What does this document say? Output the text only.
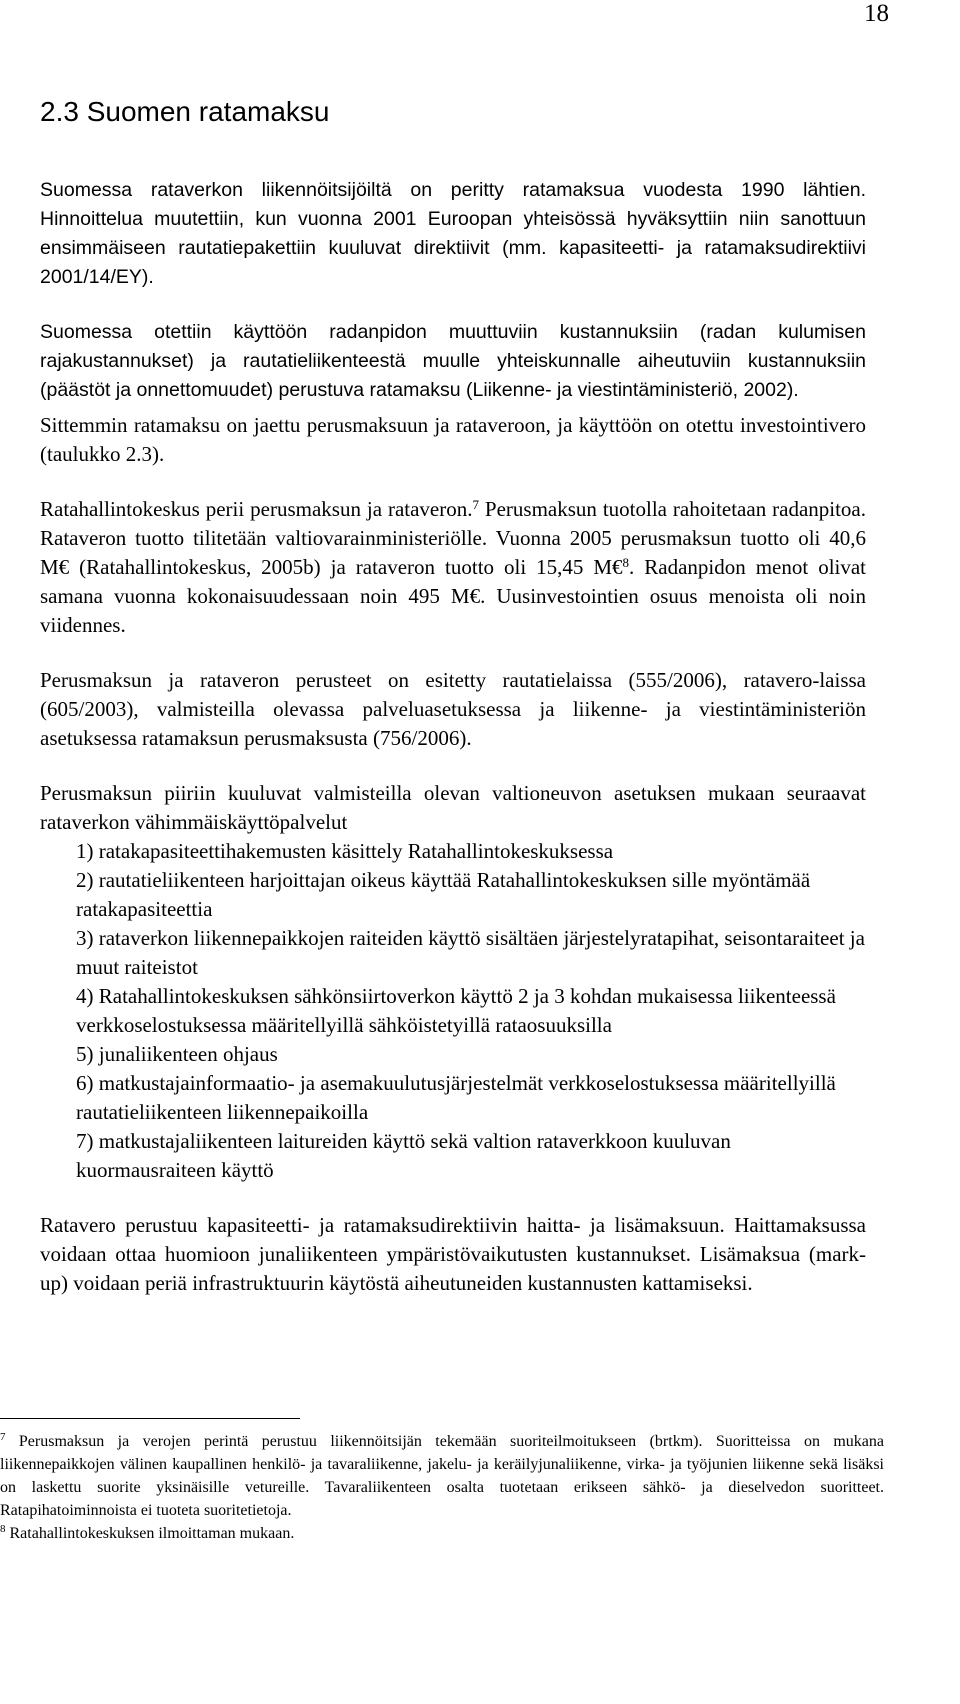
18
2.3 Suomen ratamaksu

Suomessa rataverkon liikennöitsijöiltä on peritty ratamaksua vuodesta 1990 lähtien. Hinnoittelua muutettiin, kun vuonna 2001 Euroopan yhteisössä hyväksyttiin niin sanottuun ensimmäiseen rautatiepakettiin kuuluvat direktiivit (mm. kapasiteetti- ja ratamaksudirektiivi 2001/14/EY).

Suomessa otettiin käyttöön radanpidon muuttuviin kustannuksiin (radan kulumisen rajakustannukset) ja rautatieliikenteestä muulle yhteiskunnalle aiheutuviin kustannuksiin (päästöt ja onnettomuudet) perustuva ratamaksu (Liikenne- ja viestintäministeriö, 2002).

Sittemmin ratamaksu on jaettu perusmaksuun ja rataveroon, ja käyttöön on otettu investointivero (taulukko 2.3).

Ratahallintokeskus perii perusmaksun ja rataveron.$^7$ Perusmaksun tuotolla rahoitetaan radanpitoa. Rataveron tuotto tilitetään valtiovarainministeriölle. Vuonna 2005 perusmaksun tuotto oli 40,6 M€ (Ratahallintokeskus, 2005b) ja rataveron tuotto oli 15,45 M€$^8$. Radanpidon menot olivat samana vuonna kokonaisuudessaan noin 495 M€. Uusinvestointien osuus menoista oli noin viidennes.

Perusmaksun ja rataveron perusteet on esitetty rautatielaissa (555/2006), ratavero-laissa (605/2003), valmisteilla olevassa palveluasetuksessa ja liikenne- ja viestintäministeriön asetuksessa ratamaksun perusmaksusta (756/2006).

Perusmaksun piiriin kuuluvat valmisteilla olevan valtioneuvon asetuksen mukaan seuraavat rataverkon vähimmäiskäyttöpalvelut

1) ratakapasiteettihakemusten käsittely Ratahallintokeskuksessa
2) rautatieliikenteen harjoittajan oikeus käyttää Ratahallintokeskuksen sille myöntämää ratakapasiteettia
3) rataverkon liikennepaikkojen raiteiden käyttö sisältäen järjestelyratapihat, seisontaraiteet ja muut raiteistot
4) Ratahallintokeskuksen sähkönsiirtoverkon käyttö 2 ja 3 kohdan mukaisessa liikenteessä verkkoselostuksessa määritellyillä sähköistetyillä rataosuuksilla
5) junaliikenteen ohjaus
6) matkustajainformaatio- ja asemakuulutusjärjestelmät verkkoselostuksessa määritellyillä rautatieliikenteen liikennepaikoilla
7) matkustajaliikenteen laitureiden käyttö sekä valtion rataverkkoon kuuluvan kuormausraiteen käyttö

Ratavero perustuu kapasiteetti- ja ratamaksudirektiivin haitta- ja lisämaksuun. Haittamaksussa voidaan ottaa huomioon junaliikenteen ympäristövaikutusten kustannukset. Lisämaksua (mark-up) voidaan periä infrastruktuurin käytöstä aiheutuneiden kustannusten kattamiseksi.

$^7$ Perusmaksun ja verojen perintä perustuu liikennöitsijän tekemään suoriteilmoitukseen (brtkm). Suoritteissa on mukana liikennepaikkojen välinen kaupallinen henkilö- ja tavaraliikenne, jakelu- ja keräilyjunaliikenne, virka- ja työjunien liikenne sekä lisäksi on laskettu suorite yksinäisille vetureille. Tavaraliikenteen osalta tuotetaan erikseen sähkö- ja dieselvedon suoritteet. Ratapihatoiminnoista ei tuoteta suoritetietoja.

$^8$ Ratahallintokeskuksen ilmoittaman mukaan.
